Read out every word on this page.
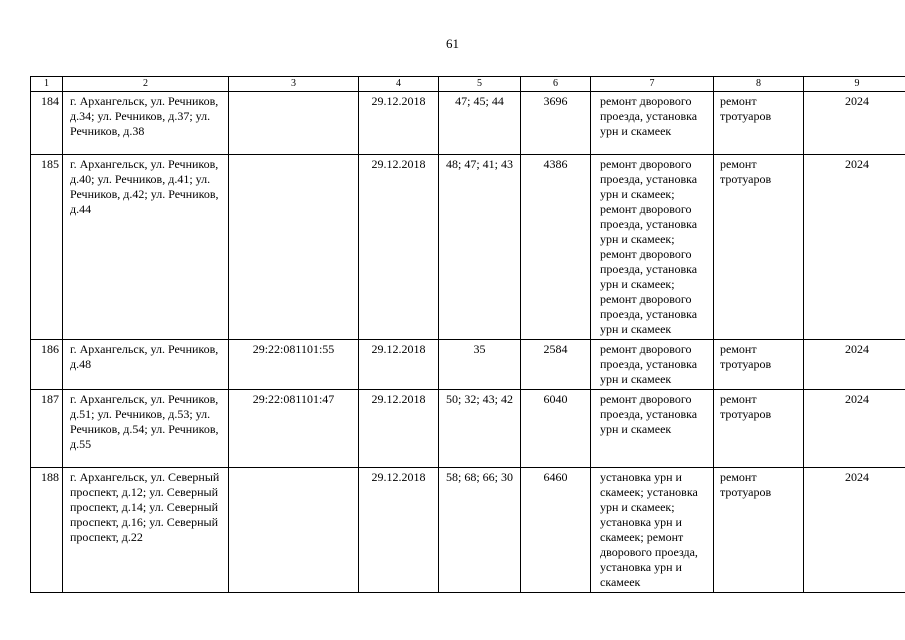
61
1	2	3	4	5	6	7	8	9
184	г. Архангельск, ул. Речников, д.34; ул. Речников, д.37; ул. Речников, д.38		29.12.2018	47; 45; 44	3696	ремонт дворового проезда, установка урн и скамеек	ремонт тротуаров	2024
185	г. Архангельск, ул. Речников, д.40; ул. Речников, д.41; ул. Речников, д.42; ул. Речников, д.44		29.12.2018	48; 47; 41; 43	4386	ремонт дворового проезда, установка урн и скамеек; ремонт дворового проезда, установка урн и скамеек; ремонт дворового проезда, установка урн и скамеек; ремонт дворового проезда, установка урн и скамеек	ремонт тротуаров	2024
186	г. Архангельск, ул. Речников, д.48	29:22:081101:55	29.12.2018	35	2584	ремонт дворового проезда, установка урн и скамеек	ремонт тротуаров	2024
187	г. Архангельск, ул. Речников, д.51; ул. Речников, д.53; ул. Речников, д.54; ул. Речников, д.55	29:22:081101:47	29.12.2018	50; 32; 43; 42	6040	ремонт дворового проезда, установка урн и скамеек	ремонт тротуаров	2024
188	г. Архангельск, ул. Северный проспект, д.12; ул. Северный проспект, д.14; ул. Северный проспект, д.16; ул. Северный проспект, д.22		29.12.2018	58; 68; 66; 30	6460	установка урн и скамеек; установка урн и скамеек; установка урн и скамеек; ремонт дворового проезда, установка урн и скамеек	ремонт тротуаров	2024
